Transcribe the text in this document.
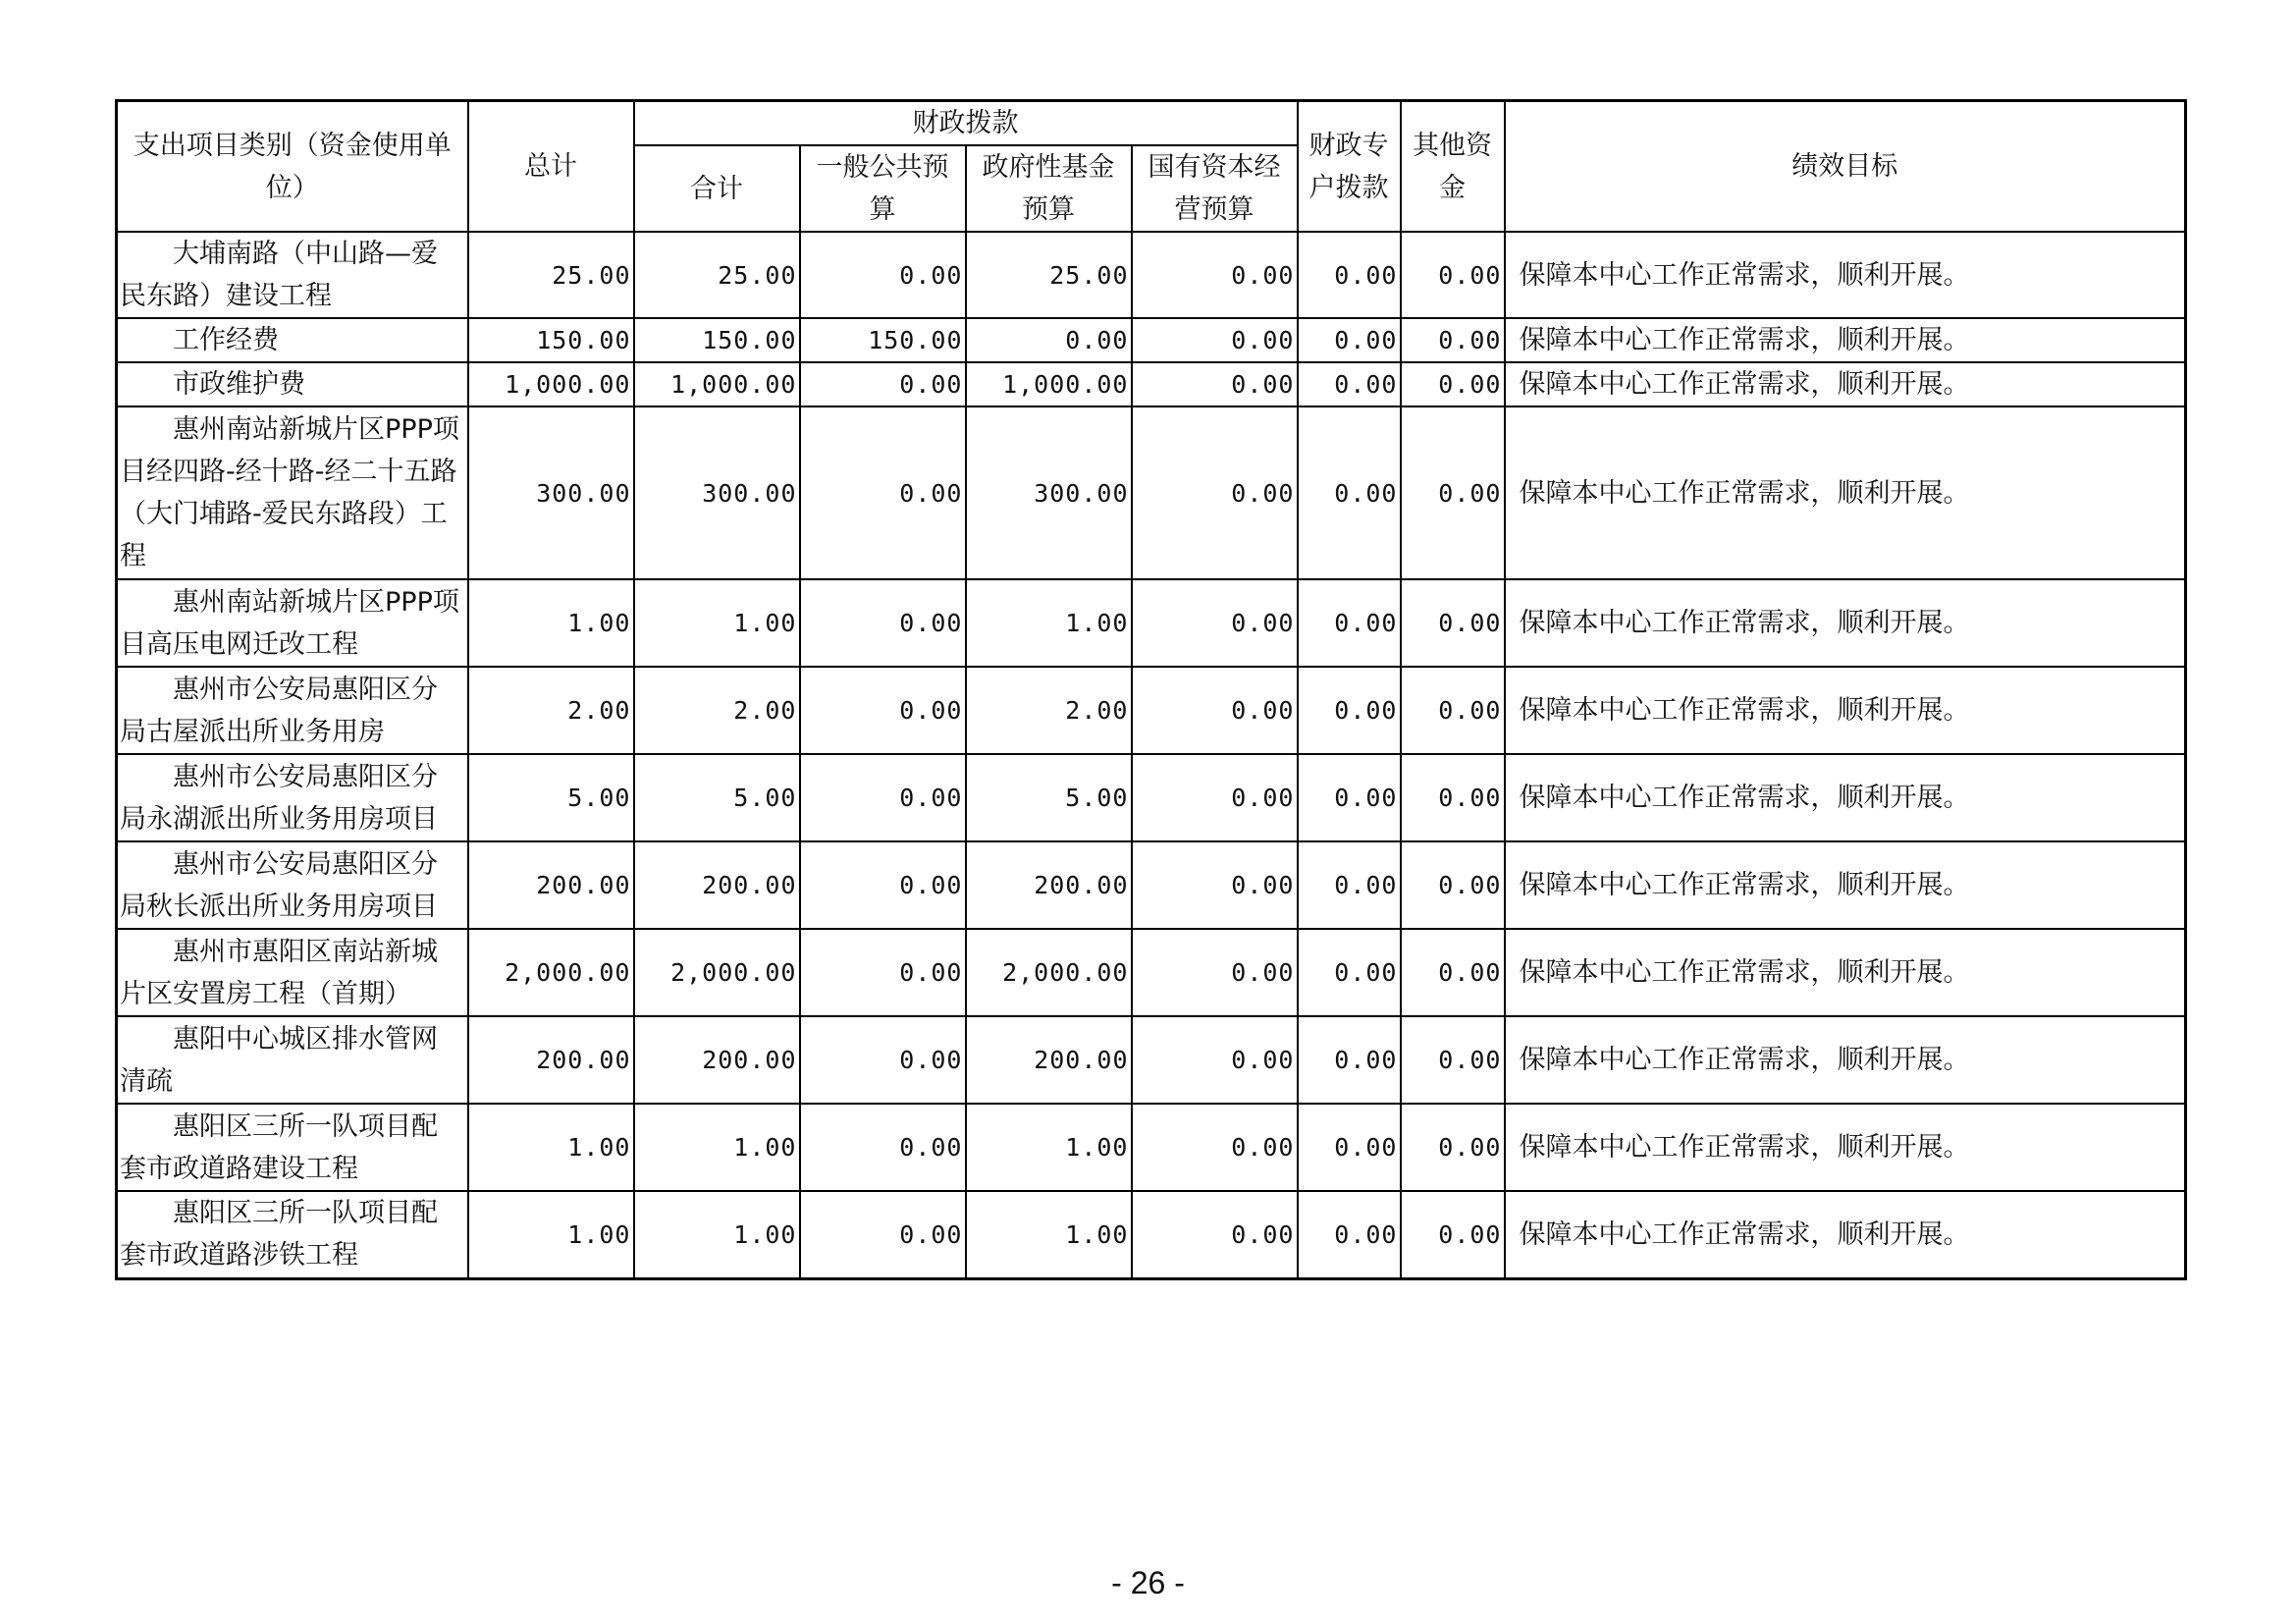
支出项目类别（资金使用单位）	总计	财政拨款				财政专户拨款	其他资金	绩效目标
		合计	一般公共预算	政府性基金预算	国有资本经营预算			
大埔南路（中山路—爱民东路）建设工程	25.00	25.00	0.00	25.00	0.00	0.00	0.00	保障本中心工作正常需求，顺利开展。
工作经费	150.00	150.00	150.00	0.00	0.00	0.00	0.00	保障本中心工作正常需求，顺利开展。
市政维护费	1,000.00	1,000.00	0.00	1,000.00	0.00	0.00	0.00	保障本中心工作正常需求，顺利开展。
惠州南站新城片区PPP项目经四路-经十路-经二十五路（大门埔路-爱民东路段）工程	300.00	300.00	0.00	300.00	0.00	0.00	0.00	保障本中心工作正常需求，顺利开展。
惠州南站新城片区PPP项目高压电网迁改工程	1.00	1.00	0.00	1.00	0.00	0.00	0.00	保障本中心工作正常需求，顺利开展。
惠州市公安局惠阳区分局古屋派出所业务用房	2.00	2.00	0.00	2.00	0.00	0.00	0.00	保障本中心工作正常需求，顺利开展。
惠州市公安局惠阳区分局永湖派出所业务用房项目	5.00	5.00	0.00	5.00	0.00	0.00	0.00	保障本中心工作正常需求，顺利开展。
惠州市公安局惠阳区分局秋长派出所业务用房项目	200.00	200.00	0.00	200.00	0.00	0.00	0.00	保障本中心工作正常需求，顺利开展。
惠州市惠阳区南站新城片区安置房工程（首期）	2,000.00	2,000.00	0.00	2,000.00	0.00	0.00	0.00	保障本中心工作正常需求，顺利开展。
惠阳中心城区排水管网清疏	200.00	200.00	0.00	200.00	0.00	0.00	0.00	保障本中心工作正常需求，顺利开展。
惠阳区三所一队项目配套市政道路建设工程	1.00	1.00	0.00	1.00	0.00	0.00	0.00	保障本中心工作正常需求，顺利开展。
惠阳区三所一队项目配套市政道路涉铁工程	1.00	1.00	0.00	1.00	0.00	0.00	0.00	保障本中心工作正常需求，顺利开展。
- 26 -
